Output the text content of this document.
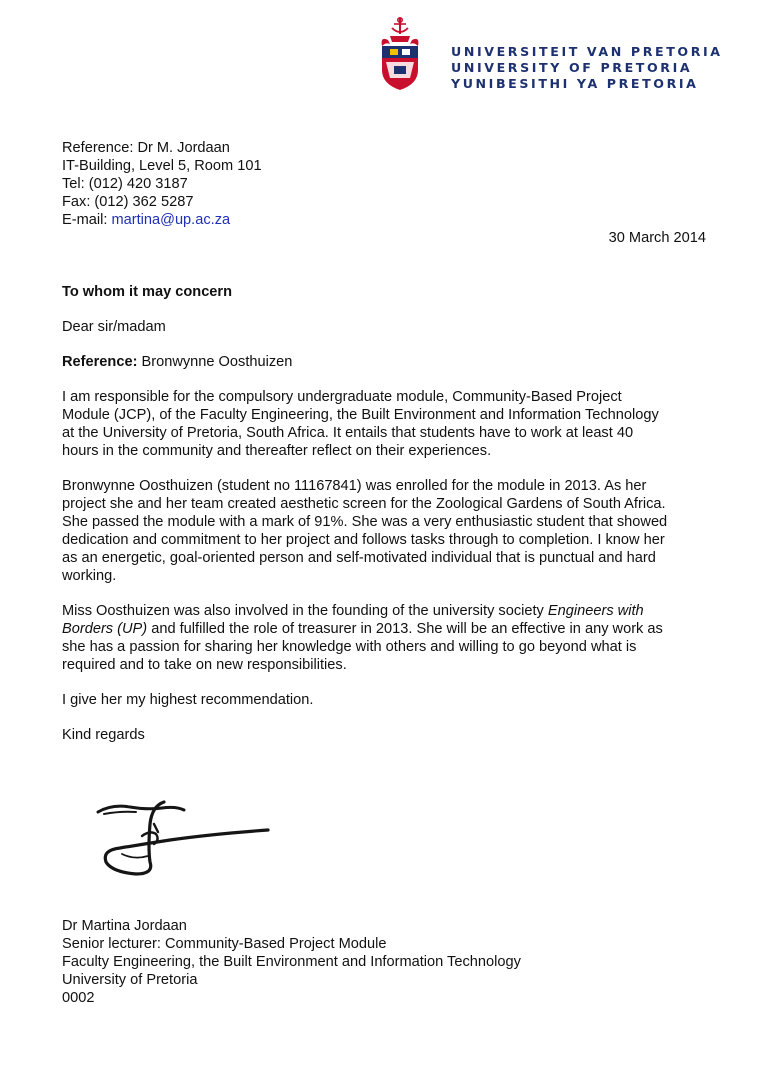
UNIVERSITEIT VAN PRETORIA
UNIVERSITY OF PRETORIA
YUNIBESITHI YA PRETORIA
Reference: Dr M. Jordaan
IT-Building, Level 5, Room 101
Tel: (012) 420 3187
Fax: (012) 362 5287
E-mail: martina@up.ac.za
30 March 2014
To whom it may concern
Dear sir/madam
Reference: Bronwynne Oosthuizen
I am responsible for the compulsory undergraduate module, Community-Based Project
Module (JCP), of the Faculty Engineering, the Built Environment and Information Technology
at the University of Pretoria, South Africa. It entails that students have to work at least 40
hours in the community and thereafter reflect on their experiences.
Bronwynne Oosthuizen (student no 11167841) was enrolled for the module in 2013. As her
project she and her team created aesthetic screen for the Zoological Gardens of South Africa.
She passed the module with a mark of 91%. She was a very enthusiastic student that showed
dedication and commitment to her project and follows tasks through to completion. I know her
as an energetic, goal-oriented person and self-motivated individual that is punctual and hard
working.
Miss Oosthuizen was also involved in the founding of the university society Engineers with
Borders (UP) and fulfilled the role of treasurer in 2013. She will be an effective in any work as
she has a passion for sharing her knowledge with others and willing to go beyond what is
required and to take on new responsibilities.
I give her my highest recommendation.
Kind regards
Dr Martina Jordaan
Senior lecturer: Community-Based Project Module
Faculty Engineering, the Built Environment and Information Technology
University of Pretoria
0002
